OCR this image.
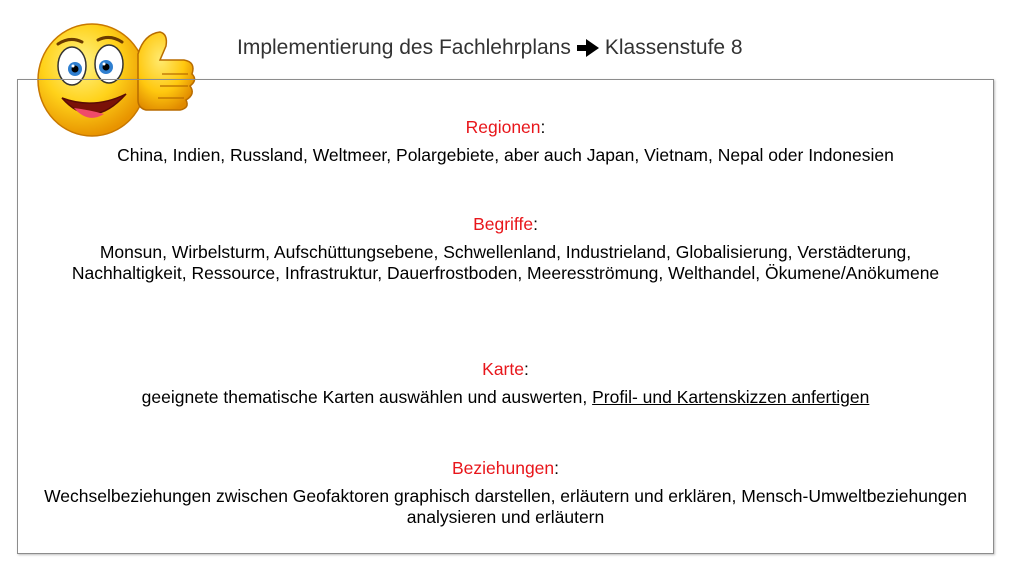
Implementierung des Fachlehrplans Klassenstufe 8
Regionen:
China, Indien, Russland, Weltmeer, Polargebiete, aber auch Japan, Vietnam, Nepal oder Indonesien
Begriffe:
Monsun, Wirbelsturm, Aufschüttungsebene, Schwellenland, Industrieland, Globalisierung, Verstädterung, Nachhaltigkeit, Ressource, Infrastruktur, Dauerfrostboden, Meeresströmung, Welthandel, Ökumene/Anökumene
Karte:
geeignete thematische Karten auswählen und auswerten, Profil- und Kartenskizzen anfertigen
Beziehungen:
Wechselbeziehungen zwischen Geofaktoren graphisch darstellen, erläutern und erklären, Mensch-Umweltbeziehungen analysieren und erläutern
